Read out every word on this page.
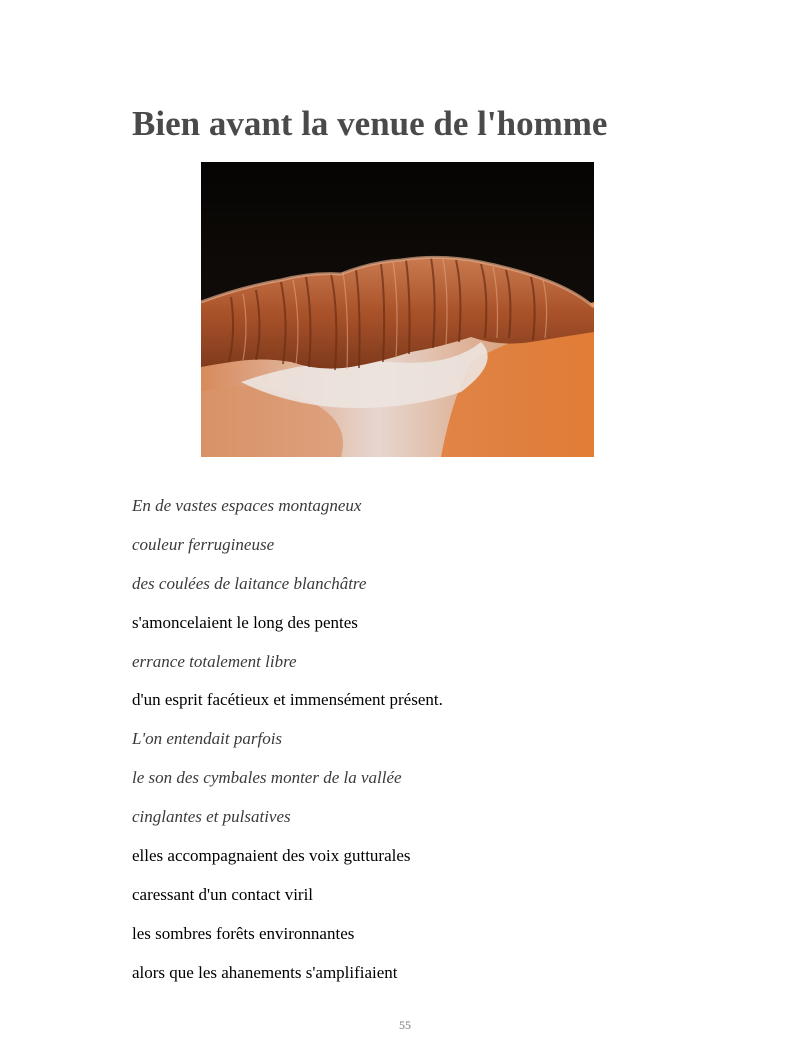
Bien avant la venue de l'homme
En de vastes espaces montagneux
couleur ferrugineuse
des coulées de laitance blanchâtre
s'amoncelaient le long des pentes
errance totalement libre
d'un esprit facétieux et immensément présent.
L'on entendait parfois
le son des cymbales monter de la vallée
cinglantes et pulsatives
elles accompagnaient des voix gutturales
caressant d'un contact viril
les sombres forêts environnantes
alors que les ahanements s'amplifiaient
55
